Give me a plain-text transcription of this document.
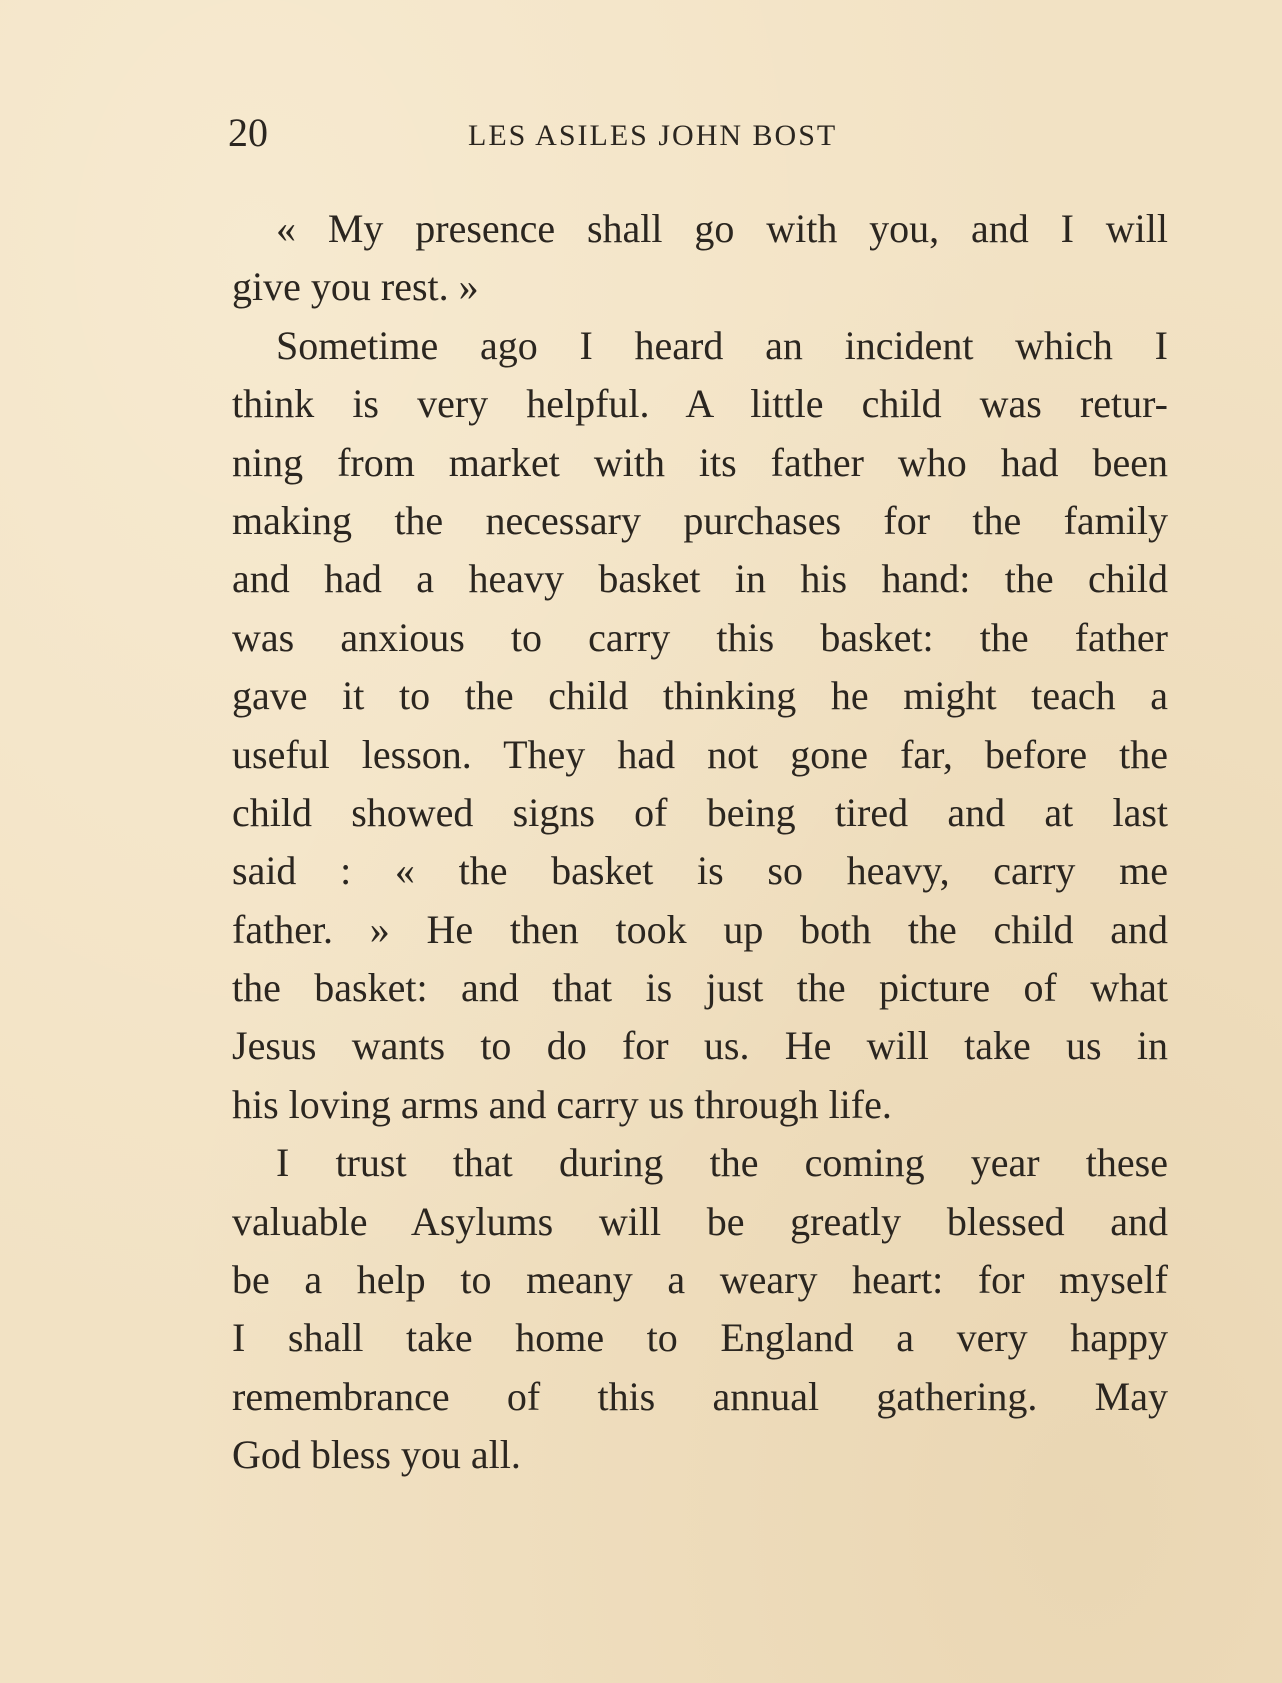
20	LES ASILES JOHN BOST
« My presence shall go with you, and I will
give you rest. »
Sometime ago I heard an incident which I
think is very helpful. A little child was retur-
ning from market with its father who had been
making the necessary purchases for the family
and had a heavy basket in his hand: the child
was anxious to carry this basket: the father
gave it to the child thinking he might teach a
useful lesson. They had not gone far, before the
child showed signs of being tired and at last
said : « the basket is so heavy, carry me
father. » He then took up both the child and
the basket: and that is just the picture of what
Jesus wants to do for us. He will take us in
his loving arms and carry us through life.
I trust that during the coming year these
valuable Asylums will be greatly blessed and
be a help to meany a weary heart: for myself
I shall take home to England a very happy
remembrance of this annual gathering. May
God bless you all.
